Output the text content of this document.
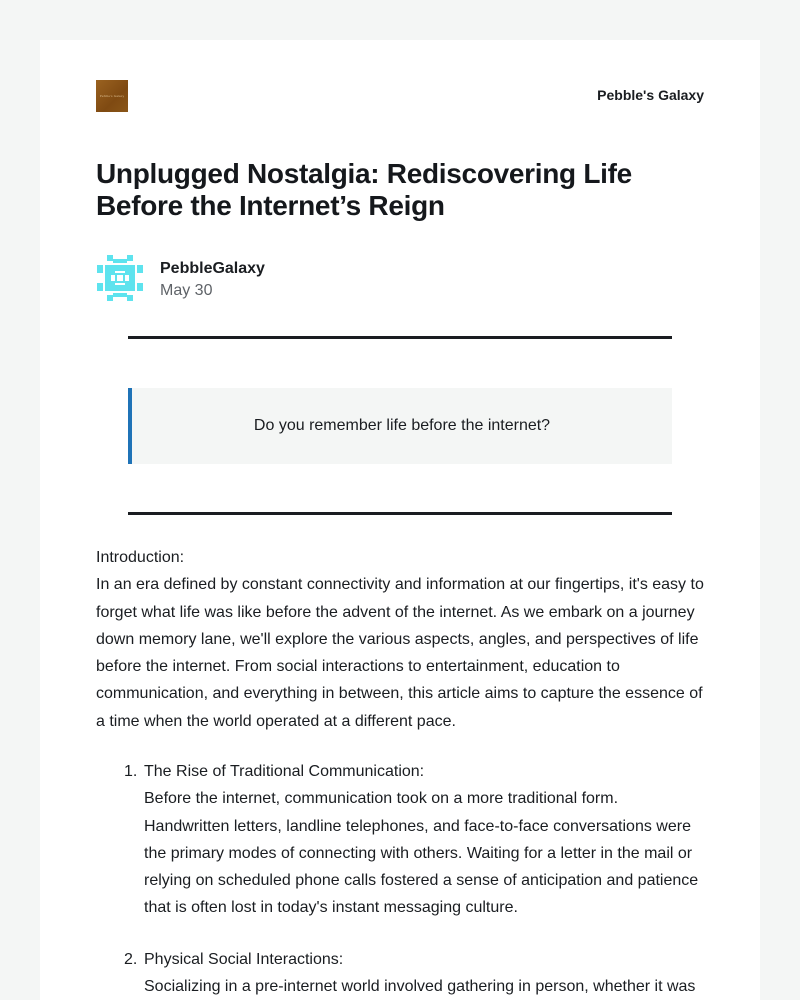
Pebble's Galaxy	Pebble's Galaxy
Unplugged Nostalgia: Rediscovering Life Before the Internet’s Reign
PebbleGalaxy
May 30
Do you remember life before the internet?

Introduction:

In an era defined by constant connectivity and information at our fingertips, it's easy to forget what life was like before the advent of the internet. As we embark on a journey down memory lane, we'll explore the various aspects, angles, and perspectives of life before the internet. From social interactions to entertainment, education to communication, and everything in between, this article aims to capture the essence of a time when the world operated at a different pace.

1. The Rise of Traditional Communication:
Before the internet, communication took on a more traditional form. Handwritten letters, landline telephones, and face-to-face conversations were the primary modes of connecting with others. Waiting for a letter in the mail or relying on scheduled phone calls fostered a sense of anticipation and patience that is often lost in today's instant messaging culture.
2. Physical Social Interactions:
Socializing in a pre-internet world involved gathering in person, whether it was
